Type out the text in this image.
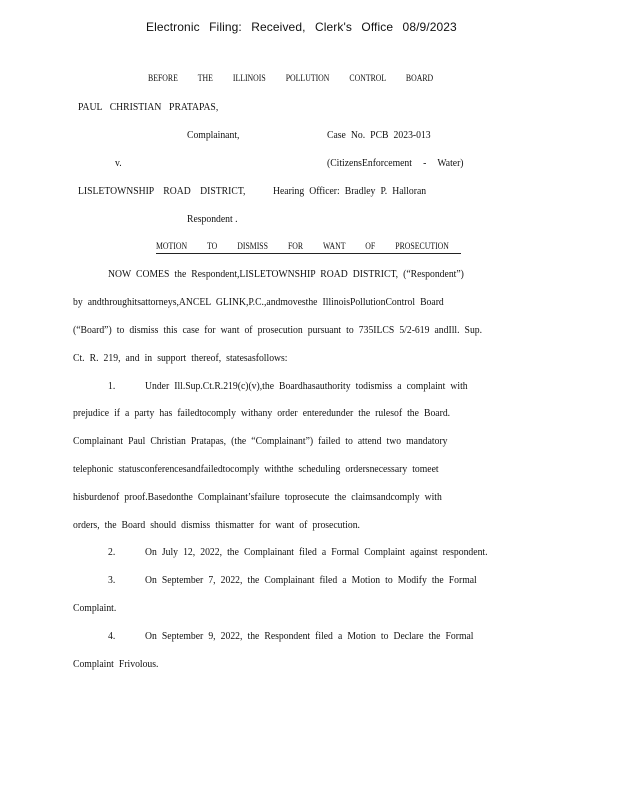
Electronic Filing: Received, Clerk's Office 08/9/2023
BEFORE THE ILLINOIS POLLUTION CONTROL BOARD
PAUL CHRISTIAN PRATAPAS,
Complainant,	Case No. PCB 2023-013
v.	(CitizensEnforcement - Water)
LISLETOWNSHIP ROAD DISTRICT,	Hearing Officer: Bradley P. Halloran
Respondent .
MOTION TO DISMISS FOR WANT OF PROSECUTION
NOW COMES the Respondent,LISLETOWNSHIP ROAD DISTRICT, (“Respondent”)
by andthroughitsattorneys,ANCEL GLINK,P.C.,andmovesthe IllinoisPollutionControl Board
(“Board”) to dismiss this case for want of prosecution pursuant to 735ILCS 5/2-619 andIll. Sup.
Ct. R. 219, and in support thereof, statesasfollows:
1.	Under Ill.Sup.Ct.R.219(c)(v),the Boardhasauthority todismiss a complaint with
prejudice if a party has failedtocomply withany order enteredunder the rulesof the Board.
Complainant Paul Christian Pratapas, (the “Complainant”) failed to attend two mandatory
telephonic statusconferencesandfailedtocomply withthe scheduling ordersnecessary tomeet
hisburdenof proof.Basedonthe Complainant’sfailure toprosecute the claimsandcomply with
orders, the Board should dismiss thismatter for want of prosecution.
2.	On July 12, 2022, the Complainant filed a Formal Complaint against respondent.
3.	On September 7, 2022, the Complainant filed a Motion to Modify the Formal
Complaint.
4.	On September 9, 2022, the Respondent filed a Motion to Declare the Formal
Complaint Frivolous.
